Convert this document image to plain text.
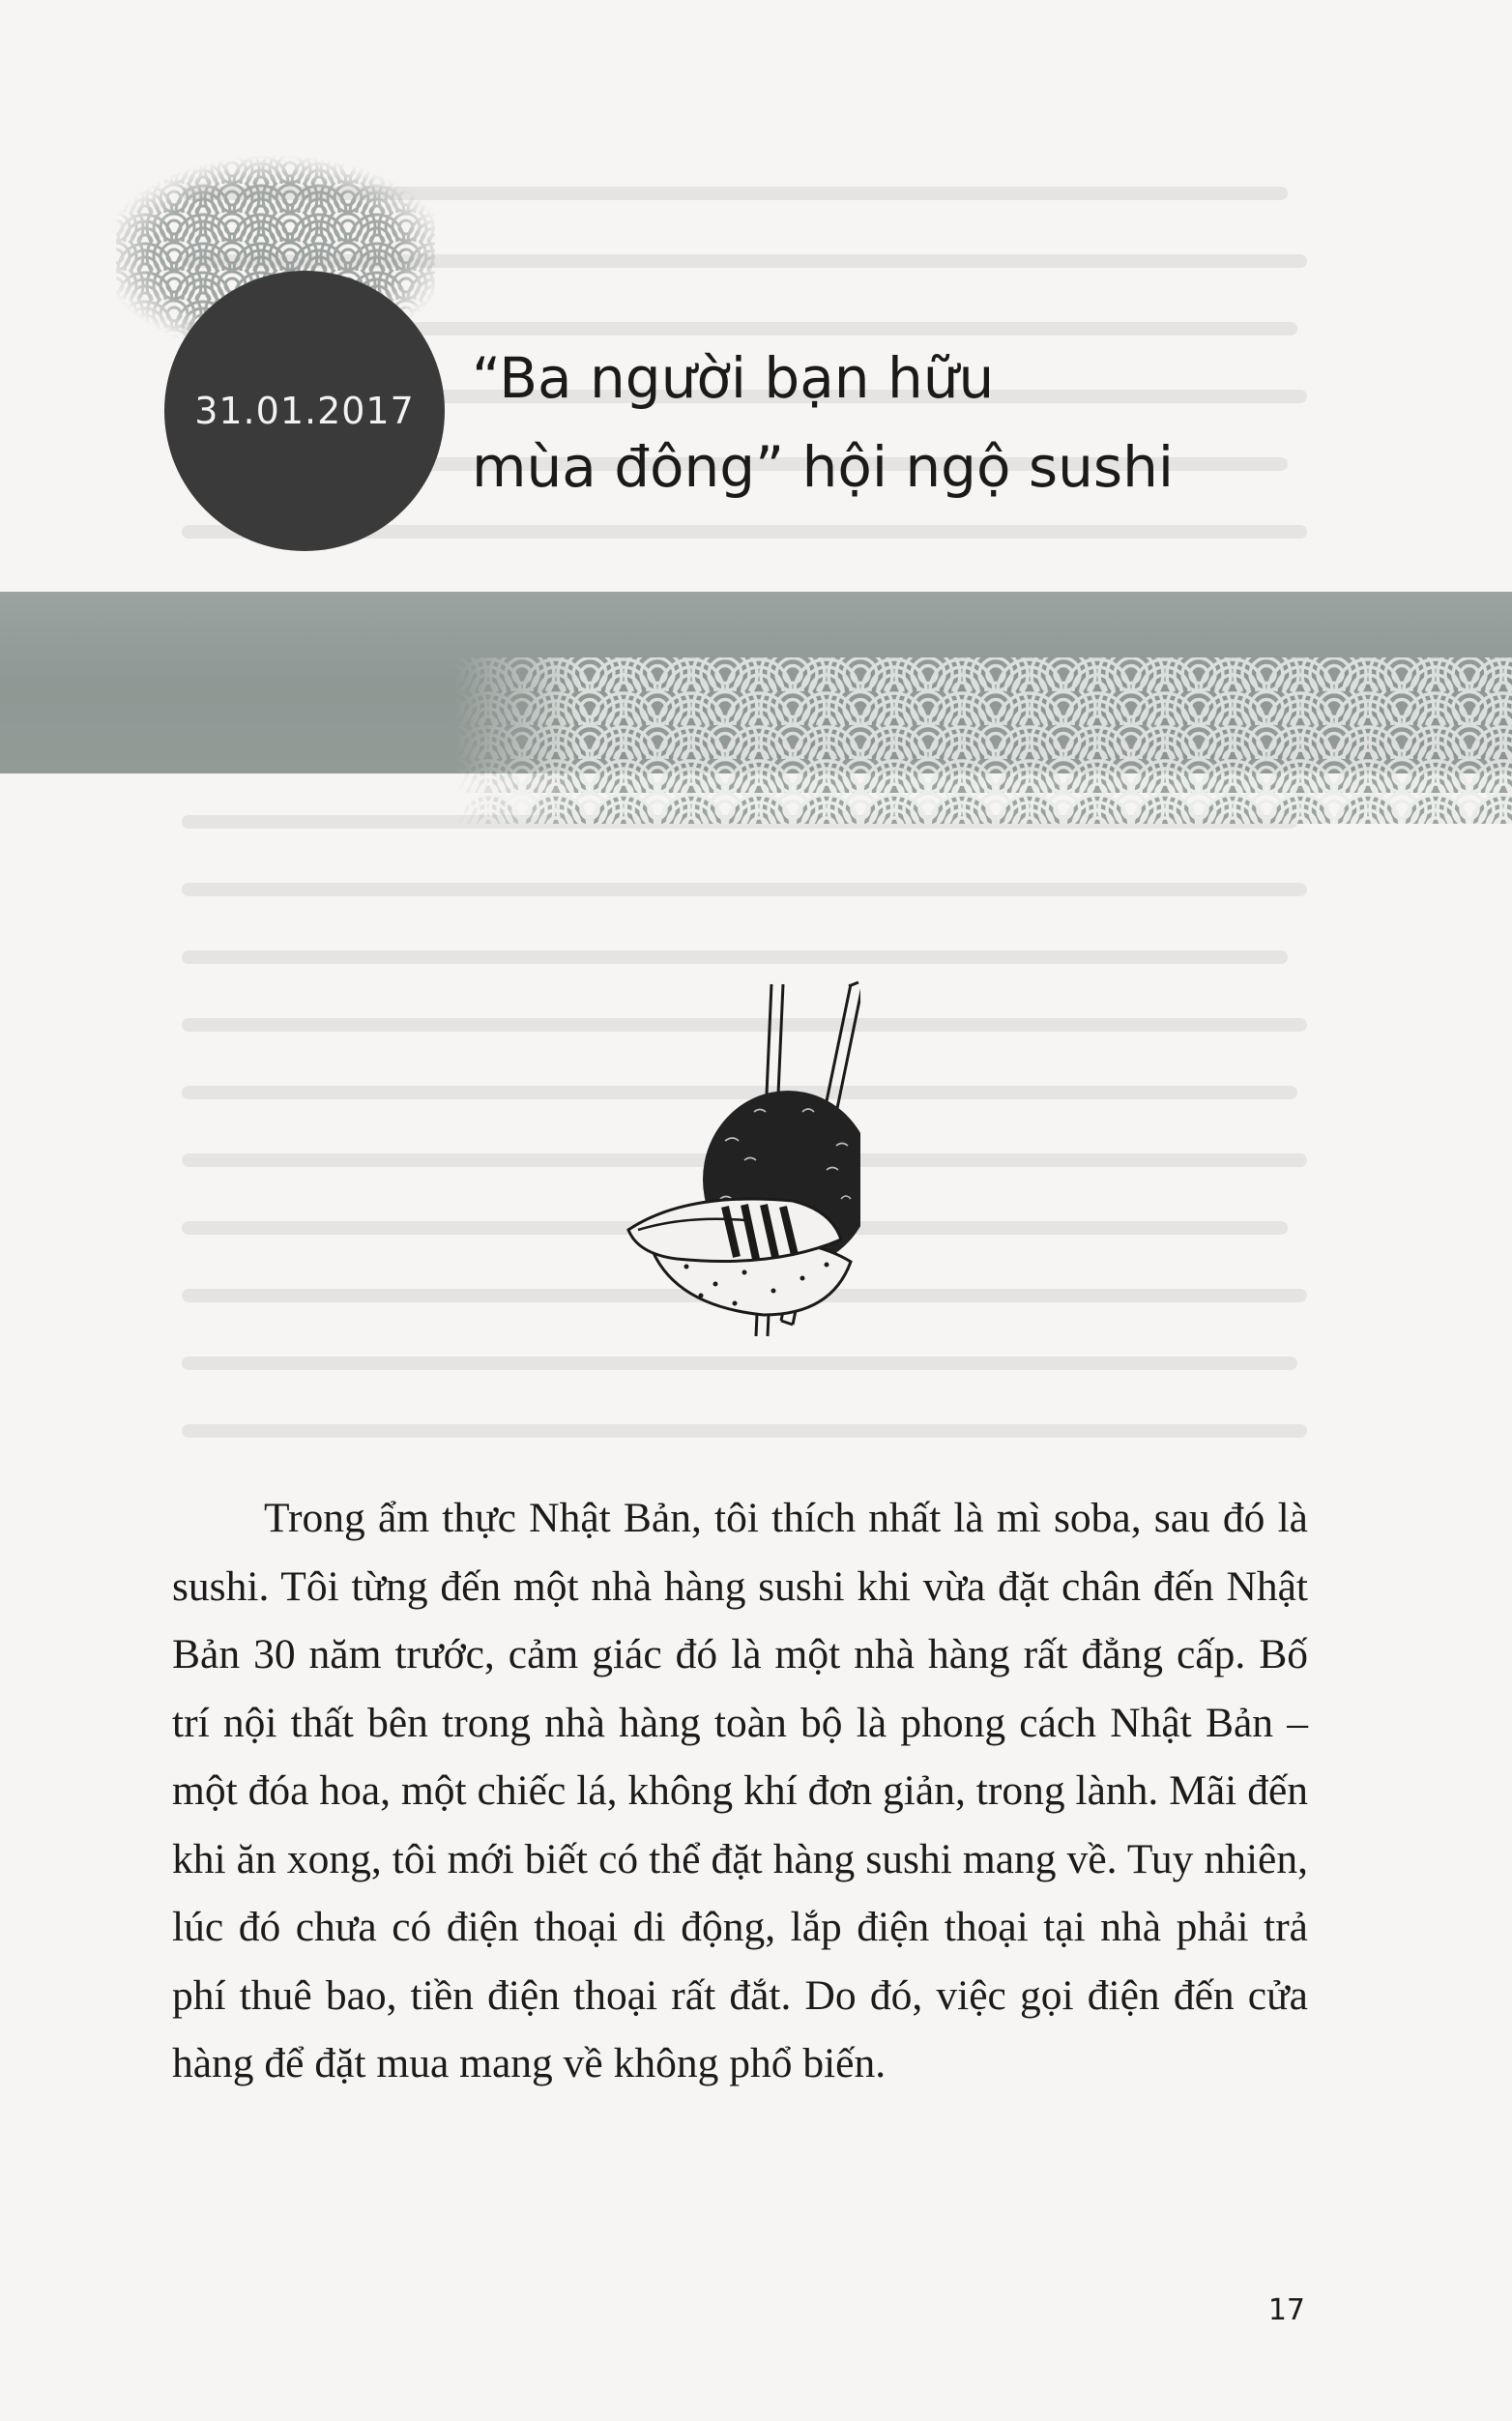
31.01.2017 “Ba người bạn hữu
mùa đông” hội ngộ sushi

Trong ẩm thực Nhật Bản, tôi thích nhất là mì soba, sau đó là sushi. Tôi từng đến một nhà hàng sushi khi vừa đặt chân đến Nhật Bản 30 năm trước, cảm giác đó là một nhà hàng rất đẳng cấp. Bố trí nội thất bên trong nhà hàng toàn bộ là phong cách Nhật Bản – một đóa hoa, một chiếc lá, không khí đơn giản, trong lành. Mãi đến khi ăn xong, tôi mới biết có thể đặt hàng sushi mang về. Tuy nhiên, lúc đó chưa có điện thoại di động, lắp điện thoại tại nhà phải trả phí thuê bao, tiền điện thoại rất đắt. Do đó, việc gọi điện đến cửa hàng để đặt mua mang về không phổ biến.

17
